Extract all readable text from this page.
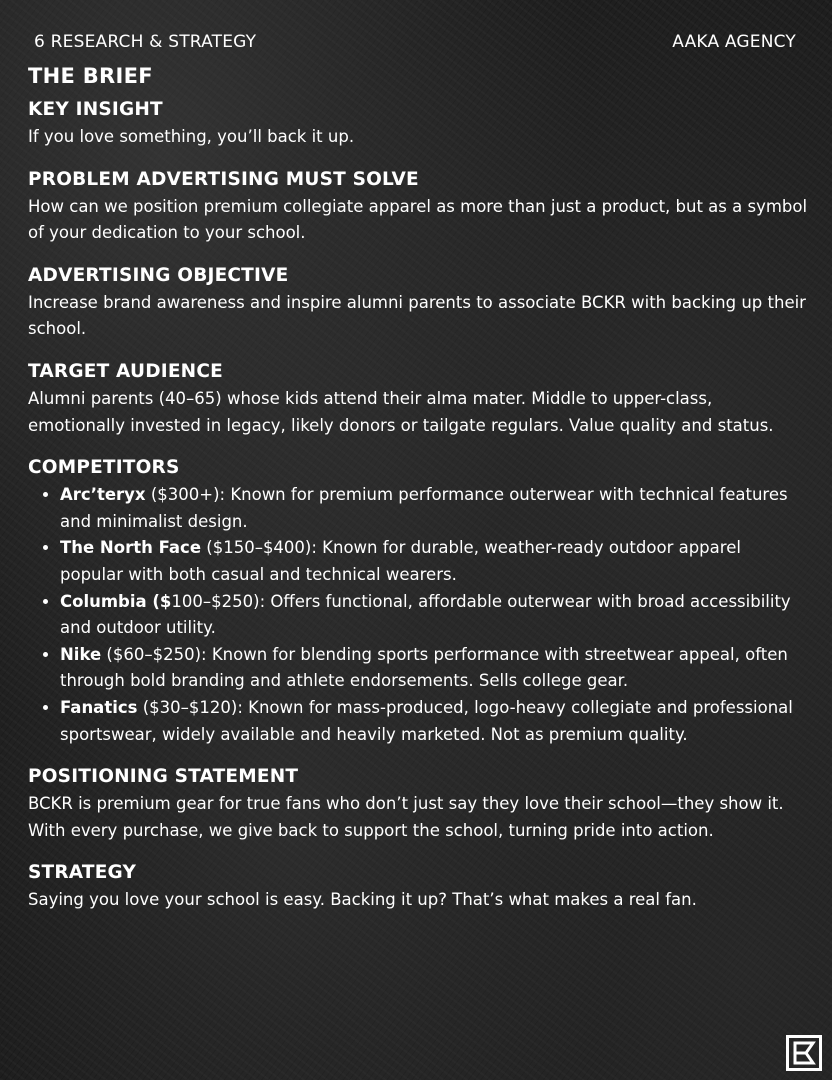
6 RESEARCH & STRATEGY	AAKA AGENCY
THE BRIEF
KEY INSIGHT

If you love something, you’ll back it up.

PROBLEM ADVERTISING MUST SOLVE

How can we position premium collegiate apparel as more than just a product, but as a symbol of your dedication to your school.

ADVERTISING OBJECTIVE

Increase brand awareness and inspire alumni parents to associate BCKR with backing up their school.

TARGET AUDIENCE

Alumni parents (40–65) whose kids attend their alma mater. Middle to upper-class, emotionally invested in legacy, likely donors or tailgate regulars. Value quality and status.

COMPETITORS
• Arc’teryx ($300+): Known for premium performance outerwear with technical features and minimalist design.
• The North Face ($150–$400): Known for durable, weather-ready outdoor apparel popular with both casual and technical wearers.
• Columbia ($100–$250): Offers functional, affordable outerwear with broad accessibility and outdoor utility.
• Nike ($60–$250): Known for blending sports performance with streetwear appeal, often through bold branding and athlete endorsements. Sells college gear.
• Fanatics ($30–$120): Known for mass-produced, logo-heavy collegiate and professional sportswear, widely available and heavily marketed. Not as premium quality.
POSITIONING STATEMENT

BCKR is premium gear for true fans who don’t just say they love their school—they show it. With every purchase, we give back to support the school, turning pride into action.

STRATEGY

Saying you love your school is easy. Backing it up? That’s what makes a real fan.
